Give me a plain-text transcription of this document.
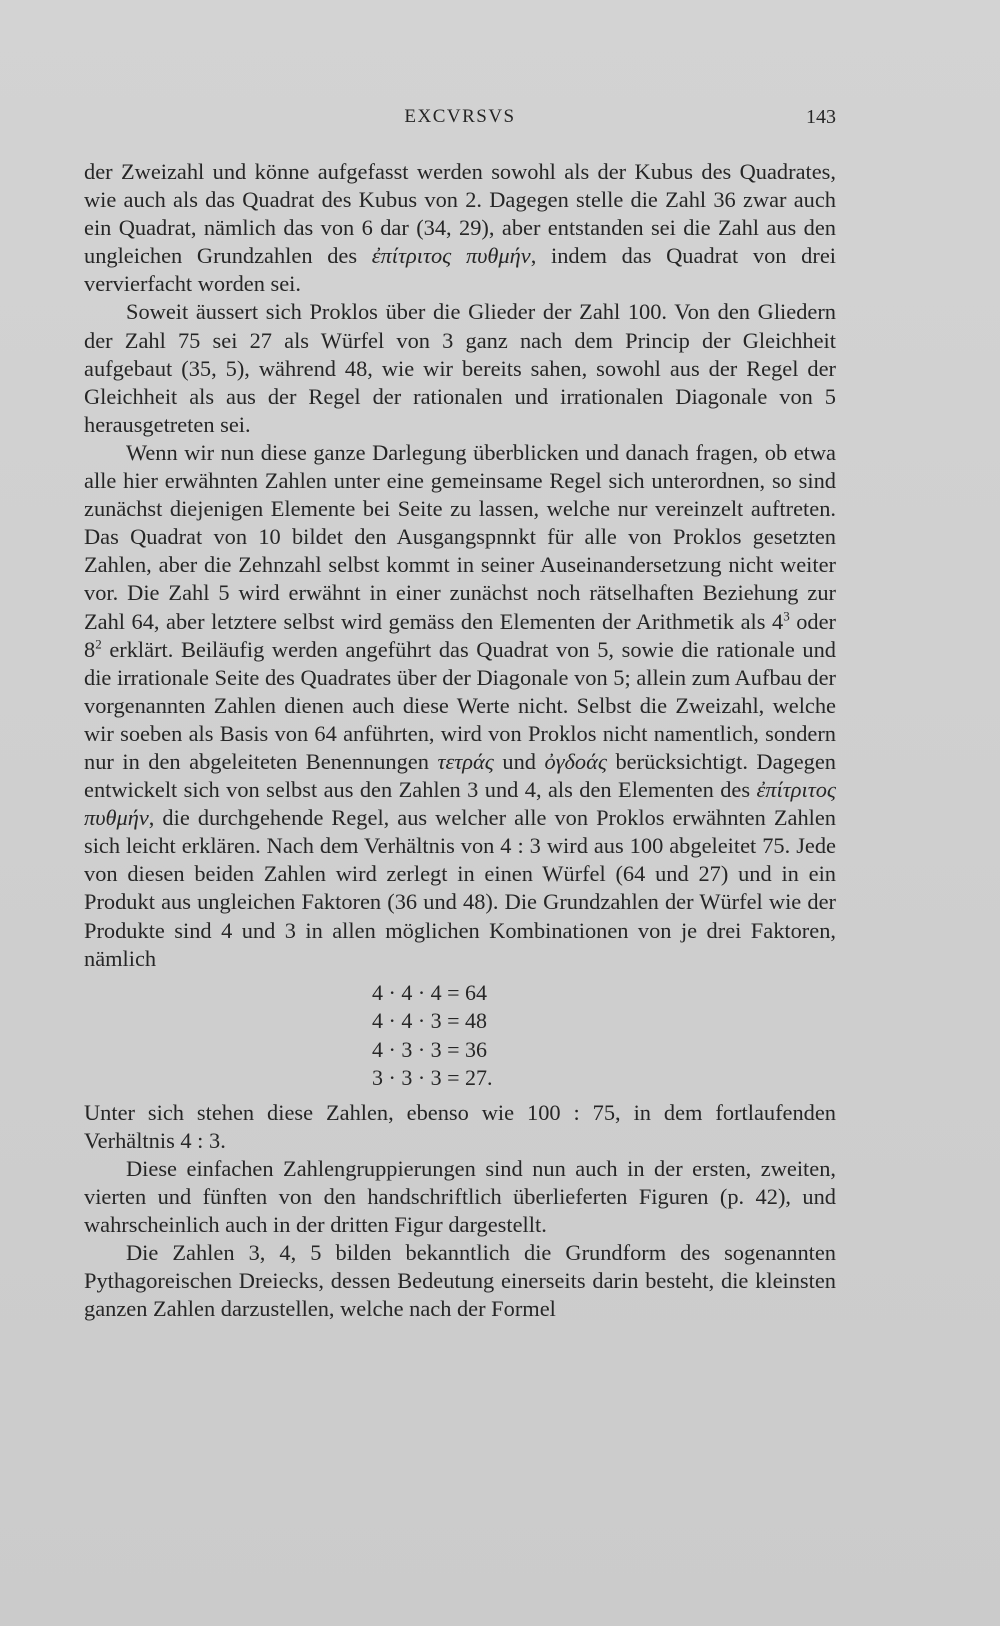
EXCVRSVS	143

der Zweizahl und könne aufgefasst werden sowohl als der Kubus des Quadrates, wie auch als das Quadrat des Kubus von 2. Dagegen stelle die Zahl 36 zwar auch ein Quadrat, nämlich das von 6 dar (34, 29), aber entstanden sei die Zahl aus den ungleichen Grundzahlen des ἐπίτριτος πυθμήν, indem das Quadrat von drei vervierfacht worden sei.

Soweit äussert sich Proklos über die Glieder der Zahl 100. Von den Gliedern der Zahl 75 sei 27 als Würfel von 3 ganz nach dem Princip der Gleichheit aufgebaut (35, 5), während 48, wie wir bereits sahen, sowohl aus der Regel der Gleichheit als aus der Regel der rationalen und irrationalen Diagonale von 5 herausgetreten sei.

Wenn wir nun diese ganze Darlegung überblicken und danach fragen, ob etwa alle hier erwähnten Zahlen unter eine gemeinsame Regel sich unterordnen, so sind zunächst diejenigen Elemente bei Seite zu lassen, welche nur vereinzelt auftreten. Das Quadrat von 10 bildet den Ausgangspnnkt für alle von Proklos gesetzten Zahlen, aber die Zehnzahl selbst kommt in seiner Auseinandersetzung nicht weiter vor. Die Zahl 5 wird erwähnt in einer zunächst noch rätselhaften Beziehung zur Zahl 64, aber letztere selbst wird gemäss den Elementen der Arithmetik als $4^3$ oder $8^2$ erklärt. Beiläufig werden angeführt das Quadrat von 5, sowie die rationale und die irrationale Seite des Quadrates über der Diagonale von 5; allein zum Aufbau der vorgenannten Zahlen dienen auch diese Werte nicht. Selbst die Zweizahl, welche wir soeben als Basis von 64 anführten, wird von Proklos nicht namentlich, sondern nur in den abgeleiteten Benennungen τετράς und ὀγδοάς berücksichtigt. Dagegen entwickelt sich von selbst aus den Zahlen 3 und 4, als den Elementen des ἐπίτριτος πυθμήν, die durchgehende Regel, aus welcher alle von Proklos erwähnten Zahlen sich leicht erklären. Nach dem Verhältnis von 4 : 3 wird aus 100 abgeleitet 75. Jede von diesen beiden Zahlen wird zerlegt in einen Würfel (64 und 27) und in ein Produkt aus ungleichen Faktoren (36 und 48). Die Grundzahlen der Würfel wie der Produkte sind 4 und 3 in allen möglichen Kombinationen von je drei Faktoren, nämlich

4 · 4 · 4 = 64
4 · 4 · 3 = 48
4 · 3 · 3 = 36
3 · 3 · 3 = 27.

Unter sich stehen diese Zahlen, ebenso wie 100 : 75, in dem fortlaufenden Verhältnis 4 : 3.

Diese einfachen Zahlengruppierungen sind nun auch in der ersten, zweiten, vierten und fünften von den handschriftlich überlieferten Figuren (p. 42), und wahrscheinlich auch in der dritten Figur dargestellt.

Die Zahlen 3, 4, 5 bilden bekanntlich die Grundform des sogenannten Pythagoreischen Dreiecks, dessen Bedeutung einerseits darin besteht, die kleinsten ganzen Zahlen darzustellen, welche nach der Formel
